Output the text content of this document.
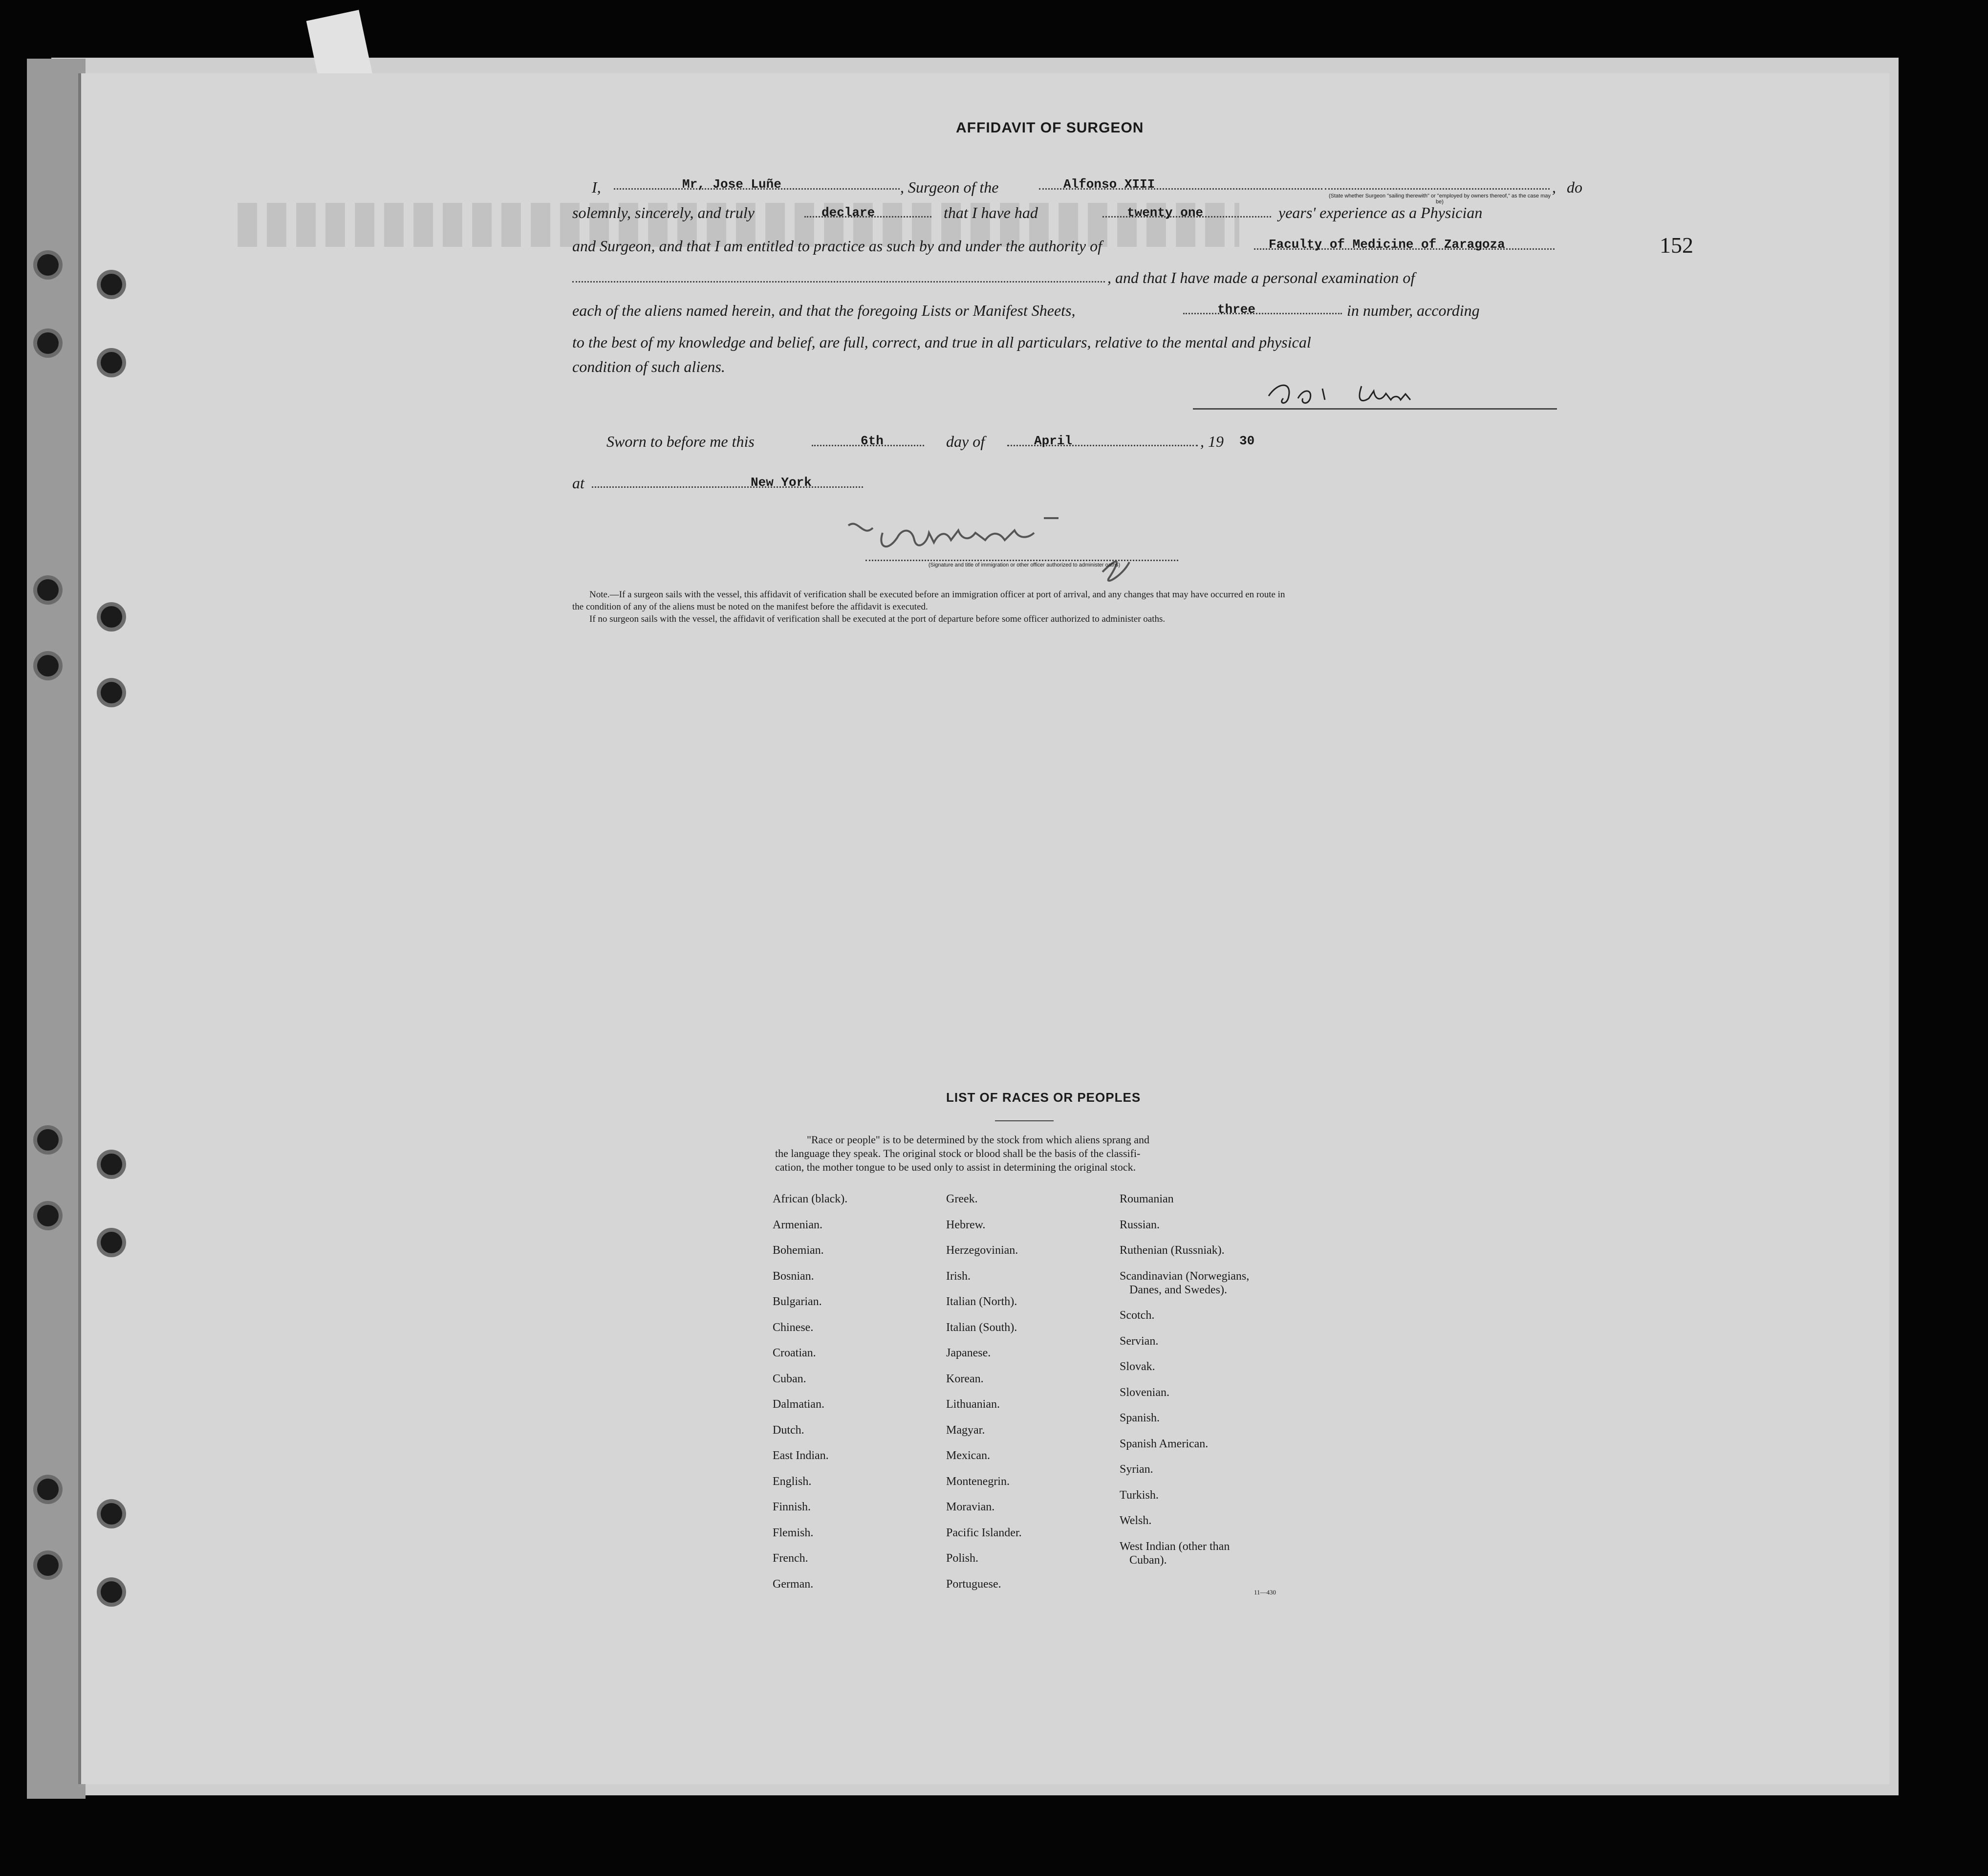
152
AFFIDAVIT OF SURGEON
I,	Mr, Jose Luñe	, Surgeon of the	Alfonso XIII	,
(State whether Surgeon "sailing therewith" or "employed by owners thereof," as the case may be)
do
solemnly, sincerely, and truly	declare	that I have had	twenty one	years' experience as a Physician
and Surgeon, and that I am entitled to practice as such by and under the authority of	Faculty of Medicine of Zaragoza
, and that I have made a personal examination of
each of the aliens named herein, and that the foregoing Lists or Manifest Sheets,	three	in number, according
to the best of my knowledge and belief, are full, correct, and true in all particulars, relative to the mental and physical
condition of such aliens.
Sworn to before me this	6th	day of	April	, 19 30
at	New York
(Signature and title of immigration or other officer authorized to administer oaths)
Note.—If a surgeon sails with the vessel, this affidavit of verification shall be executed before an immigration officer at port of arrival, and any changes that may have occurred en route in
the condition of any of the aliens must be noted on the manifest before the affidavit is executed.
If no surgeon sails with the vessel, the affidavit of verification shall be executed at the port of departure before some officer authorized to administer oaths.
LIST OF RACES OR PEOPLES
"Race or people" is to be determined by the stock from which aliens sprang and
the language they speak. The original stock or blood shall be the basis of the classifi-
cation, the mother tongue to be used only to assist in determining the original stock.
African (black).
Armenian.
Bohemian.
Bosnian.
Bulgarian.
Chinese.
Croatian.
Cuban.
Dalmatian.
Dutch.
East Indian.
English.
Finnish.
Flemish.
French.
German.
Greek.
Hebrew.
Herzegovinian.
Irish.
Italian (North).
Italian (South).
Japanese.
Korean.
Lithuanian.
Magyar.
Mexican.
Montenegrin.
Moravian.
Pacific Islander.
Polish.
Portuguese.
Roumanian
Russian.
Ruthenian (Russniak).
Scandinavian (Norwegians,
Danes, and Swedes).
Scotch.
Servian.
Slovak.
Slovenian.
Spanish.
Spanish American.
Syrian.
Turkish.
Welsh.
West Indian (other than
Cuban).
11—430
